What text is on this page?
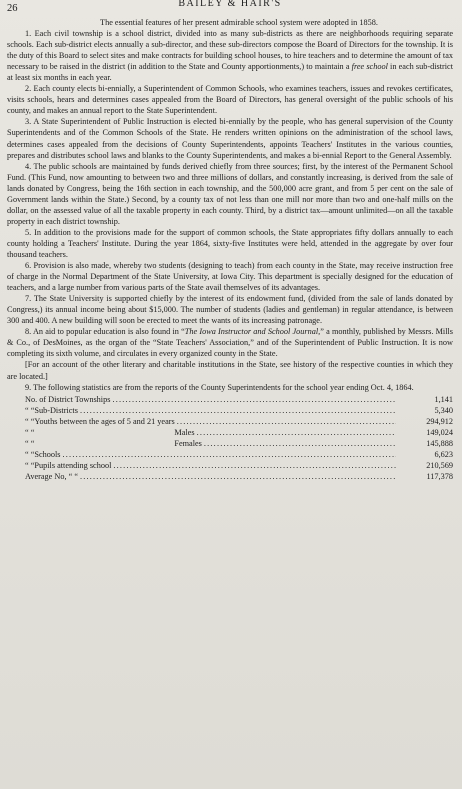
26	BAILEY & HAIR'S

The essential features of her present admirable school system were adopted in 1858.

1. Each civil township is a school district, divided into as many sub-districts as there are neighborhoods requiring separate schools. Each sub-district elects annually a sub-director, and these sub-directors compose the Board of Directors for the township. It is the duty of this Board to select sites and make contracts for building school houses, to hire teachers and to determine the amount of tax necessary to be raised in the district (in addition to the State and County apportionments,) to maintain a free school in each sub-district at least six months in each year.

2. Each county elects bi-ennially, a Superintendent of Common Schools, who examines teachers, issues and revokes certificates, visits schools, hears and determines cases appealed from the Board of Directors, has general oversight of the public schools of his county, and makes an annual report to the State Superintendent.

3. A State Superintendent of Public Instruction is elected bi-ennially by the people, who has general supervision of the County Superintendents and of the Common Schools of the State. He renders written opinions on the administration of the school laws, determines cases appealed from the decisions of County Superintendents, appoints Teachers' Institutes in the various counties, prepares and distributes school laws and blanks to the County Superintendents, and makes a bi-ennial Report to the General Assembly.

4. The public schools are maintained by funds derived chiefly from three sources; first, by the interest of the Permanent School Fund. (This Fund, now amounting to between two and three millions of dollars, and constantly increasing, is derived from the sale of lands donated by Congress, being the 16th section in each township, and the 500,000 acre grant, and from 5 per cent on the sale of Government lands within the State.) Second, by a county tax of not less than one mill nor more than two and one-half mills on the dollar, on the assessed value of all the taxable property in each county. Third, by a district tax—amount unlimited—on all the taxable property in each district township.

5. In addition to the provisions made for the support of common schools, the State appropriates fifty dollars annually to each county holding a Teachers' Institute. During the year 1864, sixty-five Institutes were held, attended in the aggregate by over four thousand teachers.

6. Provision is also made, whereby two students (designing to teach) from each county in the State, may receive instruction free of charge in the Normal Department of the State University, at Iowa City. This department is specially designed for the education of teachers, and a large number from various parts of the State avail themselves of its advantages.

7. The State University is supported chiefly by the interest of its endowment fund, (divided from the sale of lands donated by Congress,) its annual income being about $15,000. The number of students (ladies and gentleman) in regular attendance, is between 300 and 400. A new building will soon be erected to meet the wants of its increasing patronage.

8. An aid to popular education is also found in “The Iowa Instructor and School Journal,” a monthly, published by Messrs. Mills & Co., of DesMoines, as the organ of the “State Teachers' Association,” and of the Superintendent of Public Instruction. It is now completing its sixth volume, and circulates in every organized county in the State.

[For an account of the other literary and charitable institutions in the State, see history of the respective counties in which they are located.]

9. The following statistics are from the reports of the County Superintendents for the school year ending Oct. 4, 1864.

No. of District Townships .....	1,141
“ “ Sub-Districts .....	5,340
“ “ Youths between the ages of 5 and 21 years .....	294,912
“ “	Males .....	149,024
“ “	Females .....	145,888
“ “ Schools .....	6,623
“ “ Pupils attending school .....	210,569
Average No, “ “ .....	117,378
